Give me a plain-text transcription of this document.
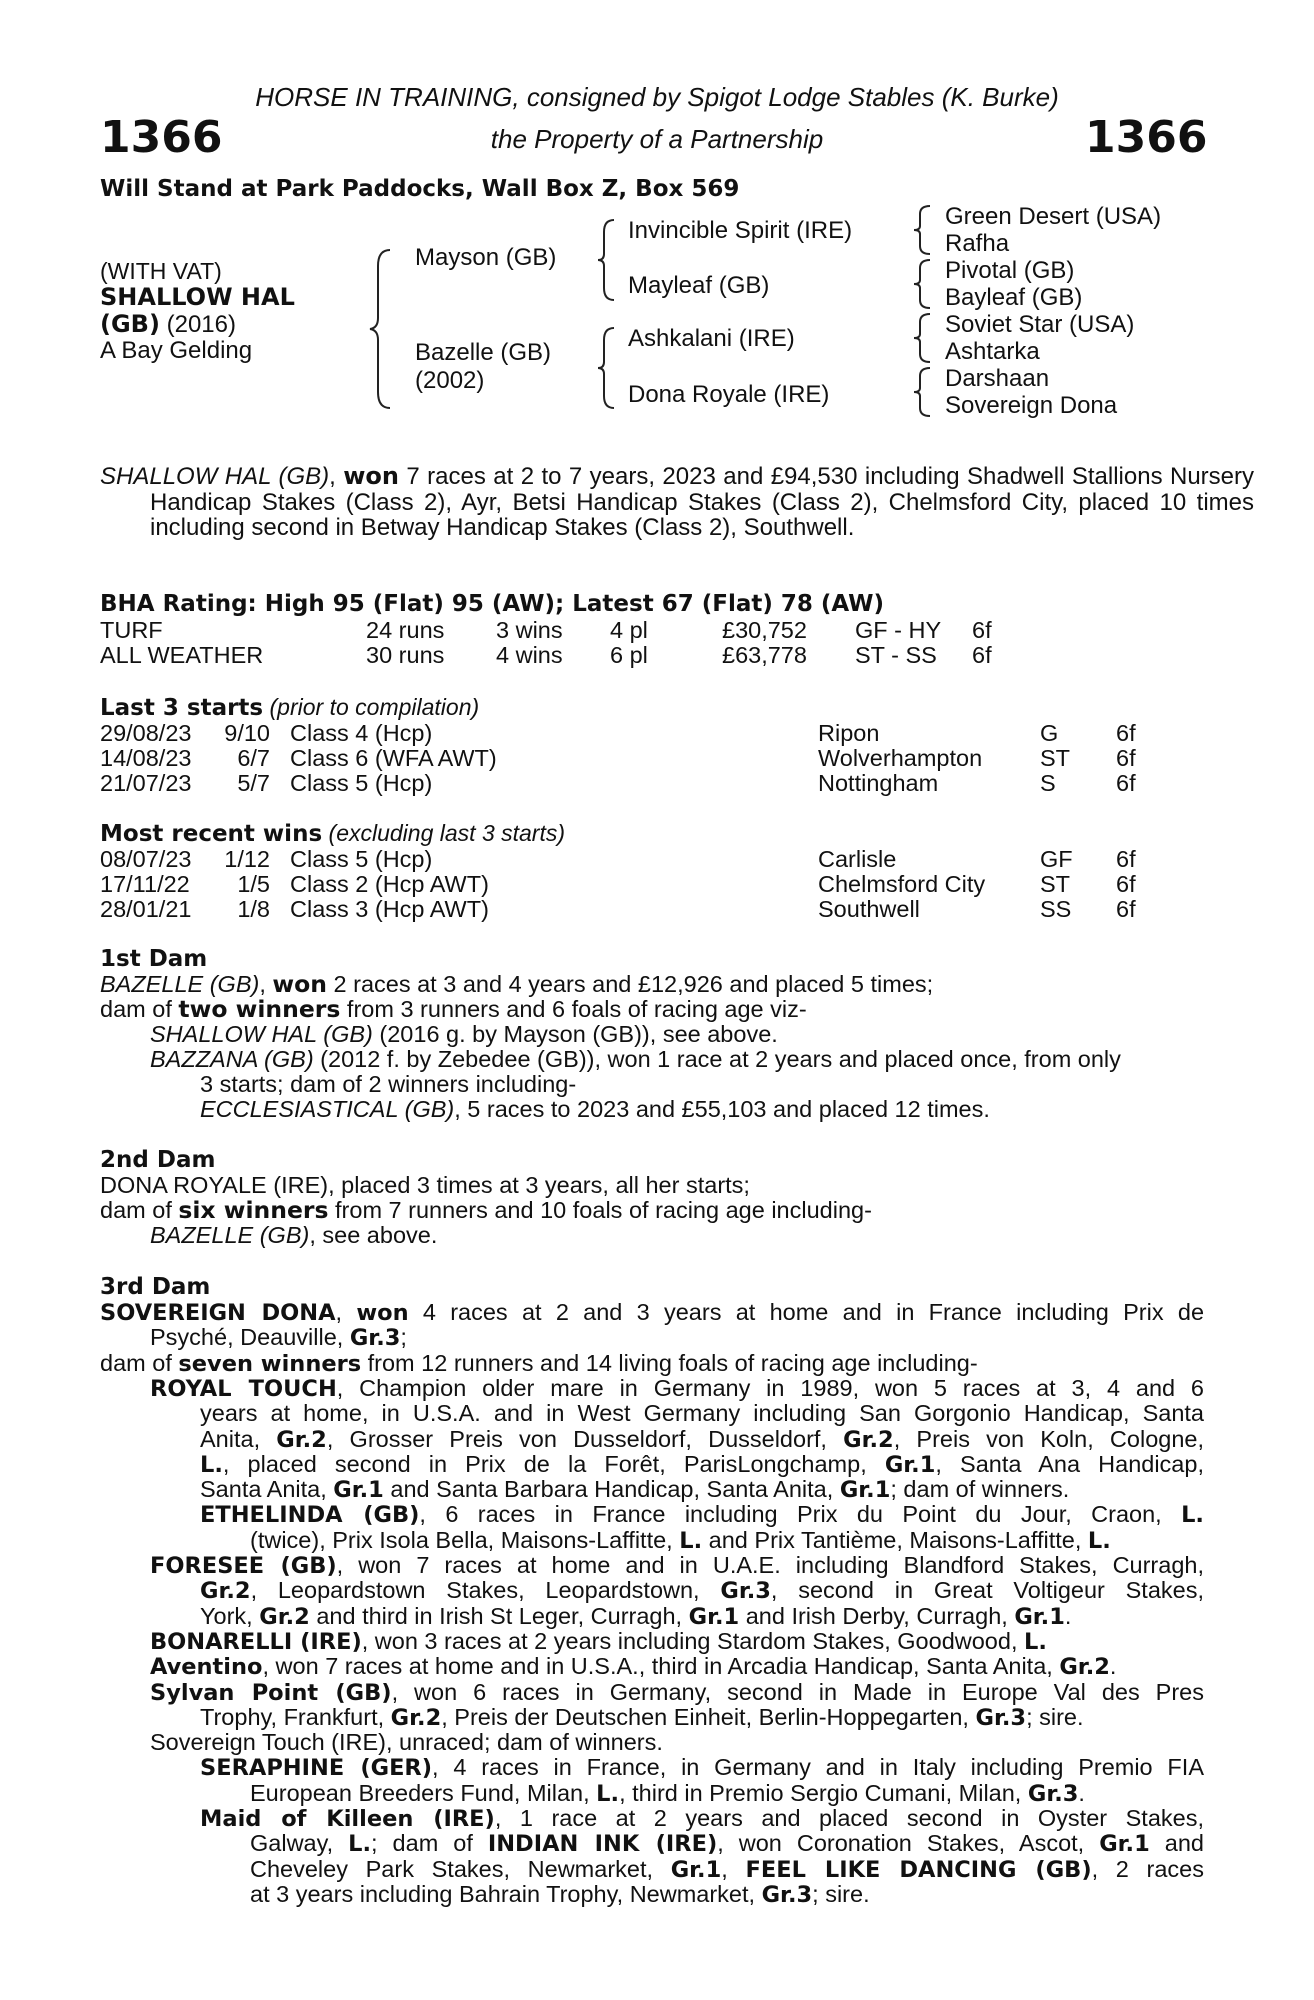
HORSE IN TRAINING, consigned by Spigot Lodge Stables (K. Burke)
the Property of a Partnership
1366	1366
Will Stand at Park Paddocks, Wall Box Z, Box 569
(WITH VAT)
SHALLOW HAL
(GB) (2016)
A Bay Gelding
Mayson (GB)
Bazelle (GB)
(2002)
Invincible Spirit (IRE)
Mayleaf (GB)
Ashkalani (IRE)
Dona Royale (IRE)
Green Desert (USA)
Rafha
Pivotal (GB)
Bayleaf (GB)
Soviet Star (USA)
Ashtarka
Darshaan
Sovereign Dona
SHALLOW HAL (GB), won 7 races at 2 to 7 years, 2023 and £94,530 including Shadwell Stallions Nursery Handicap Stakes (Class 2), Ayr, Betsi Handicap Stakes (Class 2), Chelmsford City, placed 10 times including second in Betway Handicap Stakes (Class 2), Southwell.
BHA Rating: High 95 (Flat) 95 (AW); Latest 67 (Flat) 78 (AW)
TURF	24 runs 3 wins 4 pl	£30,752 GF - HY 6f
ALL WEATHER	30 runs 4 wins 6 pl	£63,778 ST - SS 6f
Last 3 starts (prior to compilation)
29/08/23	9/10 Class 4 (Hcp)	Ripon	G 6f
14/08/23	6/7 Class 6 (WFA AWT)	Wolverhampton ST 6f
21/07/23	5/7 Class 5 (Hcp)	Nottingham	S	6f
Most recent wins (excluding last 3 starts)
08/07/23	1/12 Class 5 (Hcp)	Carlisle	GF 6f
17/11/22	1/5 Class 2 (Hcp AWT)	Chelmsford City ST 6f
28/01/21	1/8 Class 3 (Hcp AWT)	Southwell	SS 6f
1st Dam
BAZELLE (GB), won 2 races at 3 and 4 years and £12,926 and placed 5 times;
dam of two winners from 3 runners and 6 foals of racing age viz-
SHALLOW HAL (GB) (2016 g. by Mayson (GB)), see above.
BAZZANA (GB) (2012 f. by Zebedee (GB)), won 1 race at 2 years and placed once, from only
3 starts; dam of 2 winners including-
ECCLESIASTICAL (GB), 5 races to 2023 and £55,103 and placed 12 times.
2nd Dam
DONA ROYALE (IRE), placed 3 times at 3 years, all her starts;
dam of six winners from 7 runners and 10 foals of racing age including-
BAZELLE (GB), see above.
3rd Dam
SOVEREIGN DONA, won 4 races at 2 and 3 years at home and in France including Prix de
Psyché, Deauville, Gr.3;
dam of seven winners from 12 runners and 14 living foals of racing age including-
ROYAL TOUCH, Champion older mare in Germany in 1989, won 5 races at 3, 4 and 6
years at home, in U.S.A. and in West Germany including San Gorgonio Handicap, Santa
Anita, Gr.2, Grosser Preis von Dusseldorf, Dusseldorf, Gr.2, Preis von Koln, Cologne,
L., placed second in Prix de la Forêt, ParisLongchamp, Gr.1, Santa Ana Handicap,
Santa Anita, Gr.1 and Santa Barbara Handicap, Santa Anita, Gr.1; dam of winners.
ETHELINDA (GB), 6 races in France including Prix du Point du Jour, Craon, L.
(twice), Prix Isola Bella, Maisons-Laffitte, L. and Prix Tantième, Maisons-Laffitte, L.
FORESEE (GB), won 7 races at home and in U.A.E. including Blandford Stakes, Curragh,
Gr.2, Leopardstown Stakes, Leopardstown, Gr.3, second in Great Voltigeur Stakes,
York, Gr.2 and third in Irish St Leger, Curragh, Gr.1 and Irish Derby, Curragh, Gr.1.
BONARELLI (IRE), won 3 races at 2 years including Stardom Stakes, Goodwood, L.
Aventino, won 7 races at home and in U.S.A., third in Arcadia Handicap, Santa Anita, Gr.2.
Sylvan Point (GB), won 6 races in Germany, second in Made in Europe Val des Pres
Trophy, Frankfurt, Gr.2, Preis der Deutschen Einheit, Berlin-Hoppegarten, Gr.3; sire.
Sovereign Touch (IRE), unraced; dam of winners.
SERAPHINE (GER), 4 races in France, in Germany and in Italy including Premio FIA
European Breeders Fund, Milan, L., third in Premio Sergio Cumani, Milan, Gr.3.
Maid of Killeen (IRE), 1 race at 2 years and placed second in Oyster Stakes,
Galway, L.; dam of INDIAN INK (IRE), won Coronation Stakes, Ascot, Gr.1 and
Cheveley Park Stakes, Newmarket, Gr.1, FEEL LIKE DANCING (GB), 2 races
at 3 years including Bahrain Trophy, Newmarket, Gr.3; sire.
